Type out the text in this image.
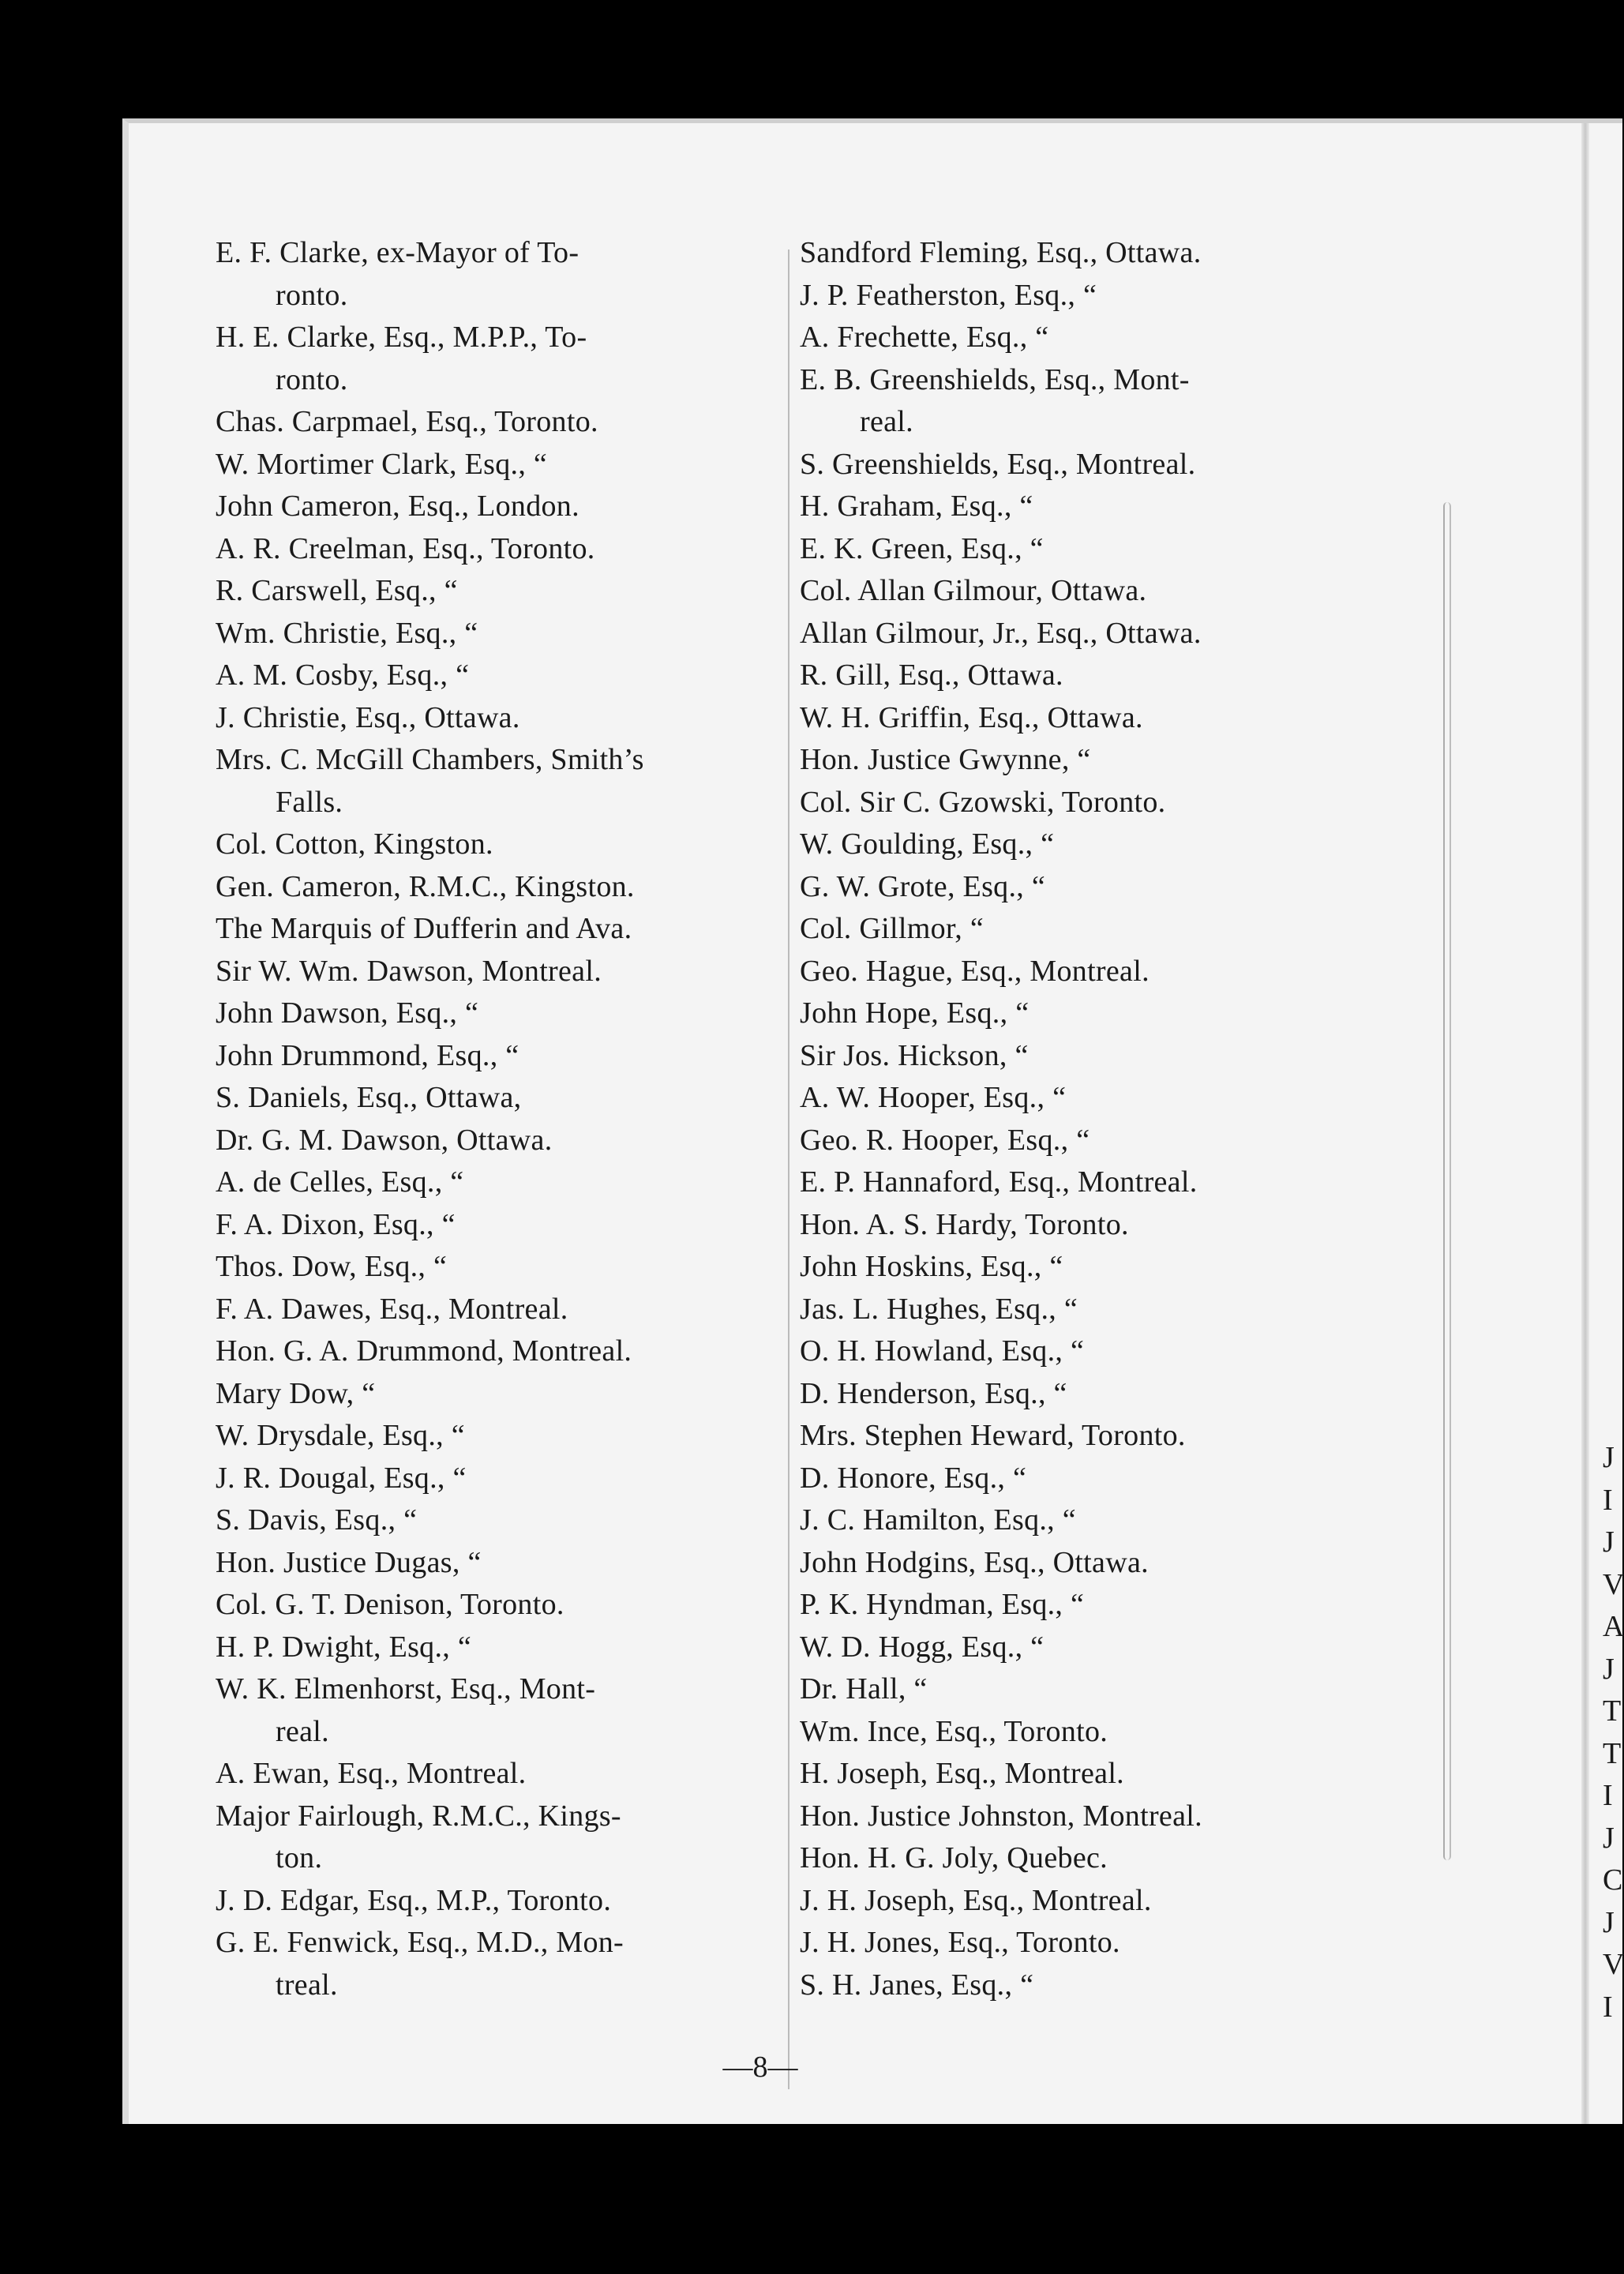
E. F. Clarke, ex-Mayor of To-
ronto.
H. E. Clarke, Esq., M.P.P., To-
ronto.
Chas. Carpmael, Esq., Toronto.
W. Mortimer Clark, Esq., “
John Cameron, Esq., London.
A. R. Creelman, Esq., Toronto.
R. Carswell, Esq., “
Wm. Christie, Esq., “
A. M. Cosby, Esq., “
J. Christie, Esq., Ottawa.
Mrs. C. McGill Chambers, Smith’s
Falls.
Col. Cotton, Kingston.
Gen. Cameron, R.M.C., Kingston.
The Marquis of Dufferin and Ava.
Sir W. Wm. Dawson, Montreal.
John Dawson, Esq., “
John Drummond, Esq., “
S. Daniels, Esq., Ottawa,
Dr. G. M. Dawson, Ottawa.
A. de Celles, Esq., “
F. A. Dixon, Esq., “
Thos. Dow, Esq., “
F. A. Dawes, Esq., Montreal.
Hon. G. A. Drummond, Montreal.
Mary Dow, “
W. Drysdale, Esq., “
J. R. Dougal, Esq., “
S. Davis, Esq., “
Hon. Justice Dugas, “
Col. G. T. Denison, Toronto.
H. P. Dwight, Esq., “
W. K. Elmenhorst, Esq., Mont-
real.
A. Ewan, Esq., Montreal.
Major Fairlough, R.M.C., Kings-
ton.
J. D. Edgar, Esq., M.P., Toronto.
G. E. Fenwick, Esq., M.D., Mon-
treal.
Sandford Fleming, Esq., Ottawa.
J. P. Featherston, Esq., “
A. Frechette, Esq., “
E. B. Greenshields, Esq., Mont-
real.
S. Greenshields, Esq., Montreal.
H. Graham, Esq., “
E. K. Green, Esq., “
Col. Allan Gilmour, Ottawa.
Allan Gilmour, Jr., Esq., Ottawa.
R. Gill, Esq., Ottawa.
W. H. Griffin, Esq., Ottawa.
Hon. Justice Gwynne, “
Col. Sir C. Gzowski, Toronto.
W. Goulding, Esq., “
G. W. Grote, Esq., “
Col. Gillmor, “
Geo. Hague, Esq., Montreal.
John Hope, Esq., “
Sir Jos. Hickson, “
A. W. Hooper, Esq., “
Geo. R. Hooper, Esq., “
E. P. Hannaford, Esq., Montreal.
Hon. A. S. Hardy, Toronto.
John Hoskins, Esq., “
Jas. L. Hughes, Esq., “
O. H. Howland, Esq., “
D. Henderson, Esq., “
Mrs. Stephen Heward, Toronto.
D. Honore, Esq., “
J. C. Hamilton, Esq., “
John Hodgins, Esq., Ottawa.
P. K. Hyndman, Esq., “
W. D. Hogg, Esq., “
Dr. Hall, “
Wm. Ince, Esq., Toronto.
H. Joseph, Esq., Montreal.
Hon. Justice Johnston, Montreal.
Hon. H. G. Joly, Quebec.
J. H. Joseph, Esq., Montreal.
J. H. Jones, Esq., Toronto.
S. H. Janes, Esq., “
—8—
J
I
J
V
A
J
T
T
I
J
C
J
V
I
